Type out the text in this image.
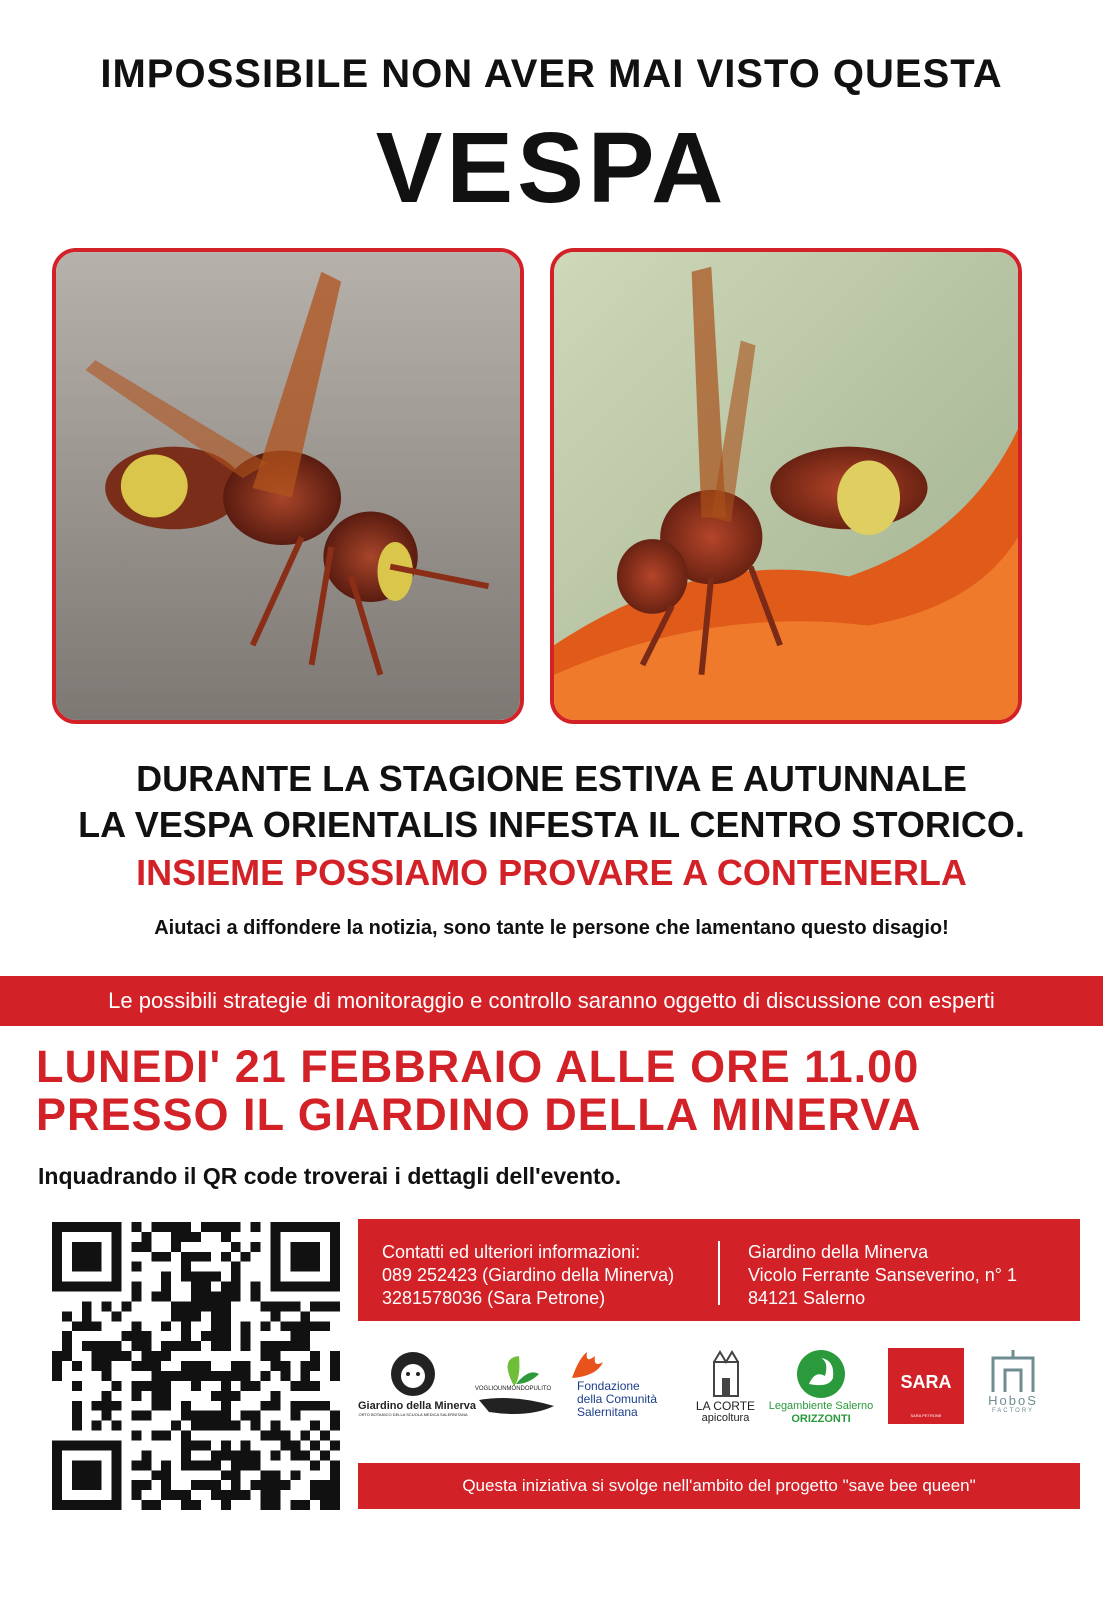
IMPOSSIBILE NON AVER MAI VISTO QUESTA
VESPA
DURANTE LA STAGIONE ESTIVA E AUTUNNALE
LA VESPA ORIENTALIS INFESTA IL CENTRO STORICO.
INSIEME POSSIAMO PROVARE A CONTENERLA
Aiutaci a diffondere la notizia, sono tante le persone che lamentano questo disagio!
Le possibili strategie di monitoraggio e controllo saranno oggetto di discussione con esperti
LUNEDI' 21 FEBBRAIO ALLE ORE 11.00
PRESSO IL GIARDINO DELLA MINERVA
Inquadrando il QR code troverai i dettagli dell'evento.
Contatti ed ulteriori informazioni:
089 252423 (Giardino della Minerva)
3281578036 (Sara Petrone)
Giardino della Minerva
Vicolo Ferrante Sanseverino, n° 1
84121 Salerno
Giardino della Minerva
ORTO BOTANICO DELLA SCUOLA MEDICA SALERNITANA
VOGLIOUNMONDOPULITO	Fondazione
della Comunità
Salernitana	LA CORTE
apicoltura
Legambiente Salerno
ORIZZONTI
SARA
SARA PETRONE
HobοS
FACTORY
Questa iniziativa si svolge nell'ambito del progetto "save bee queen"
